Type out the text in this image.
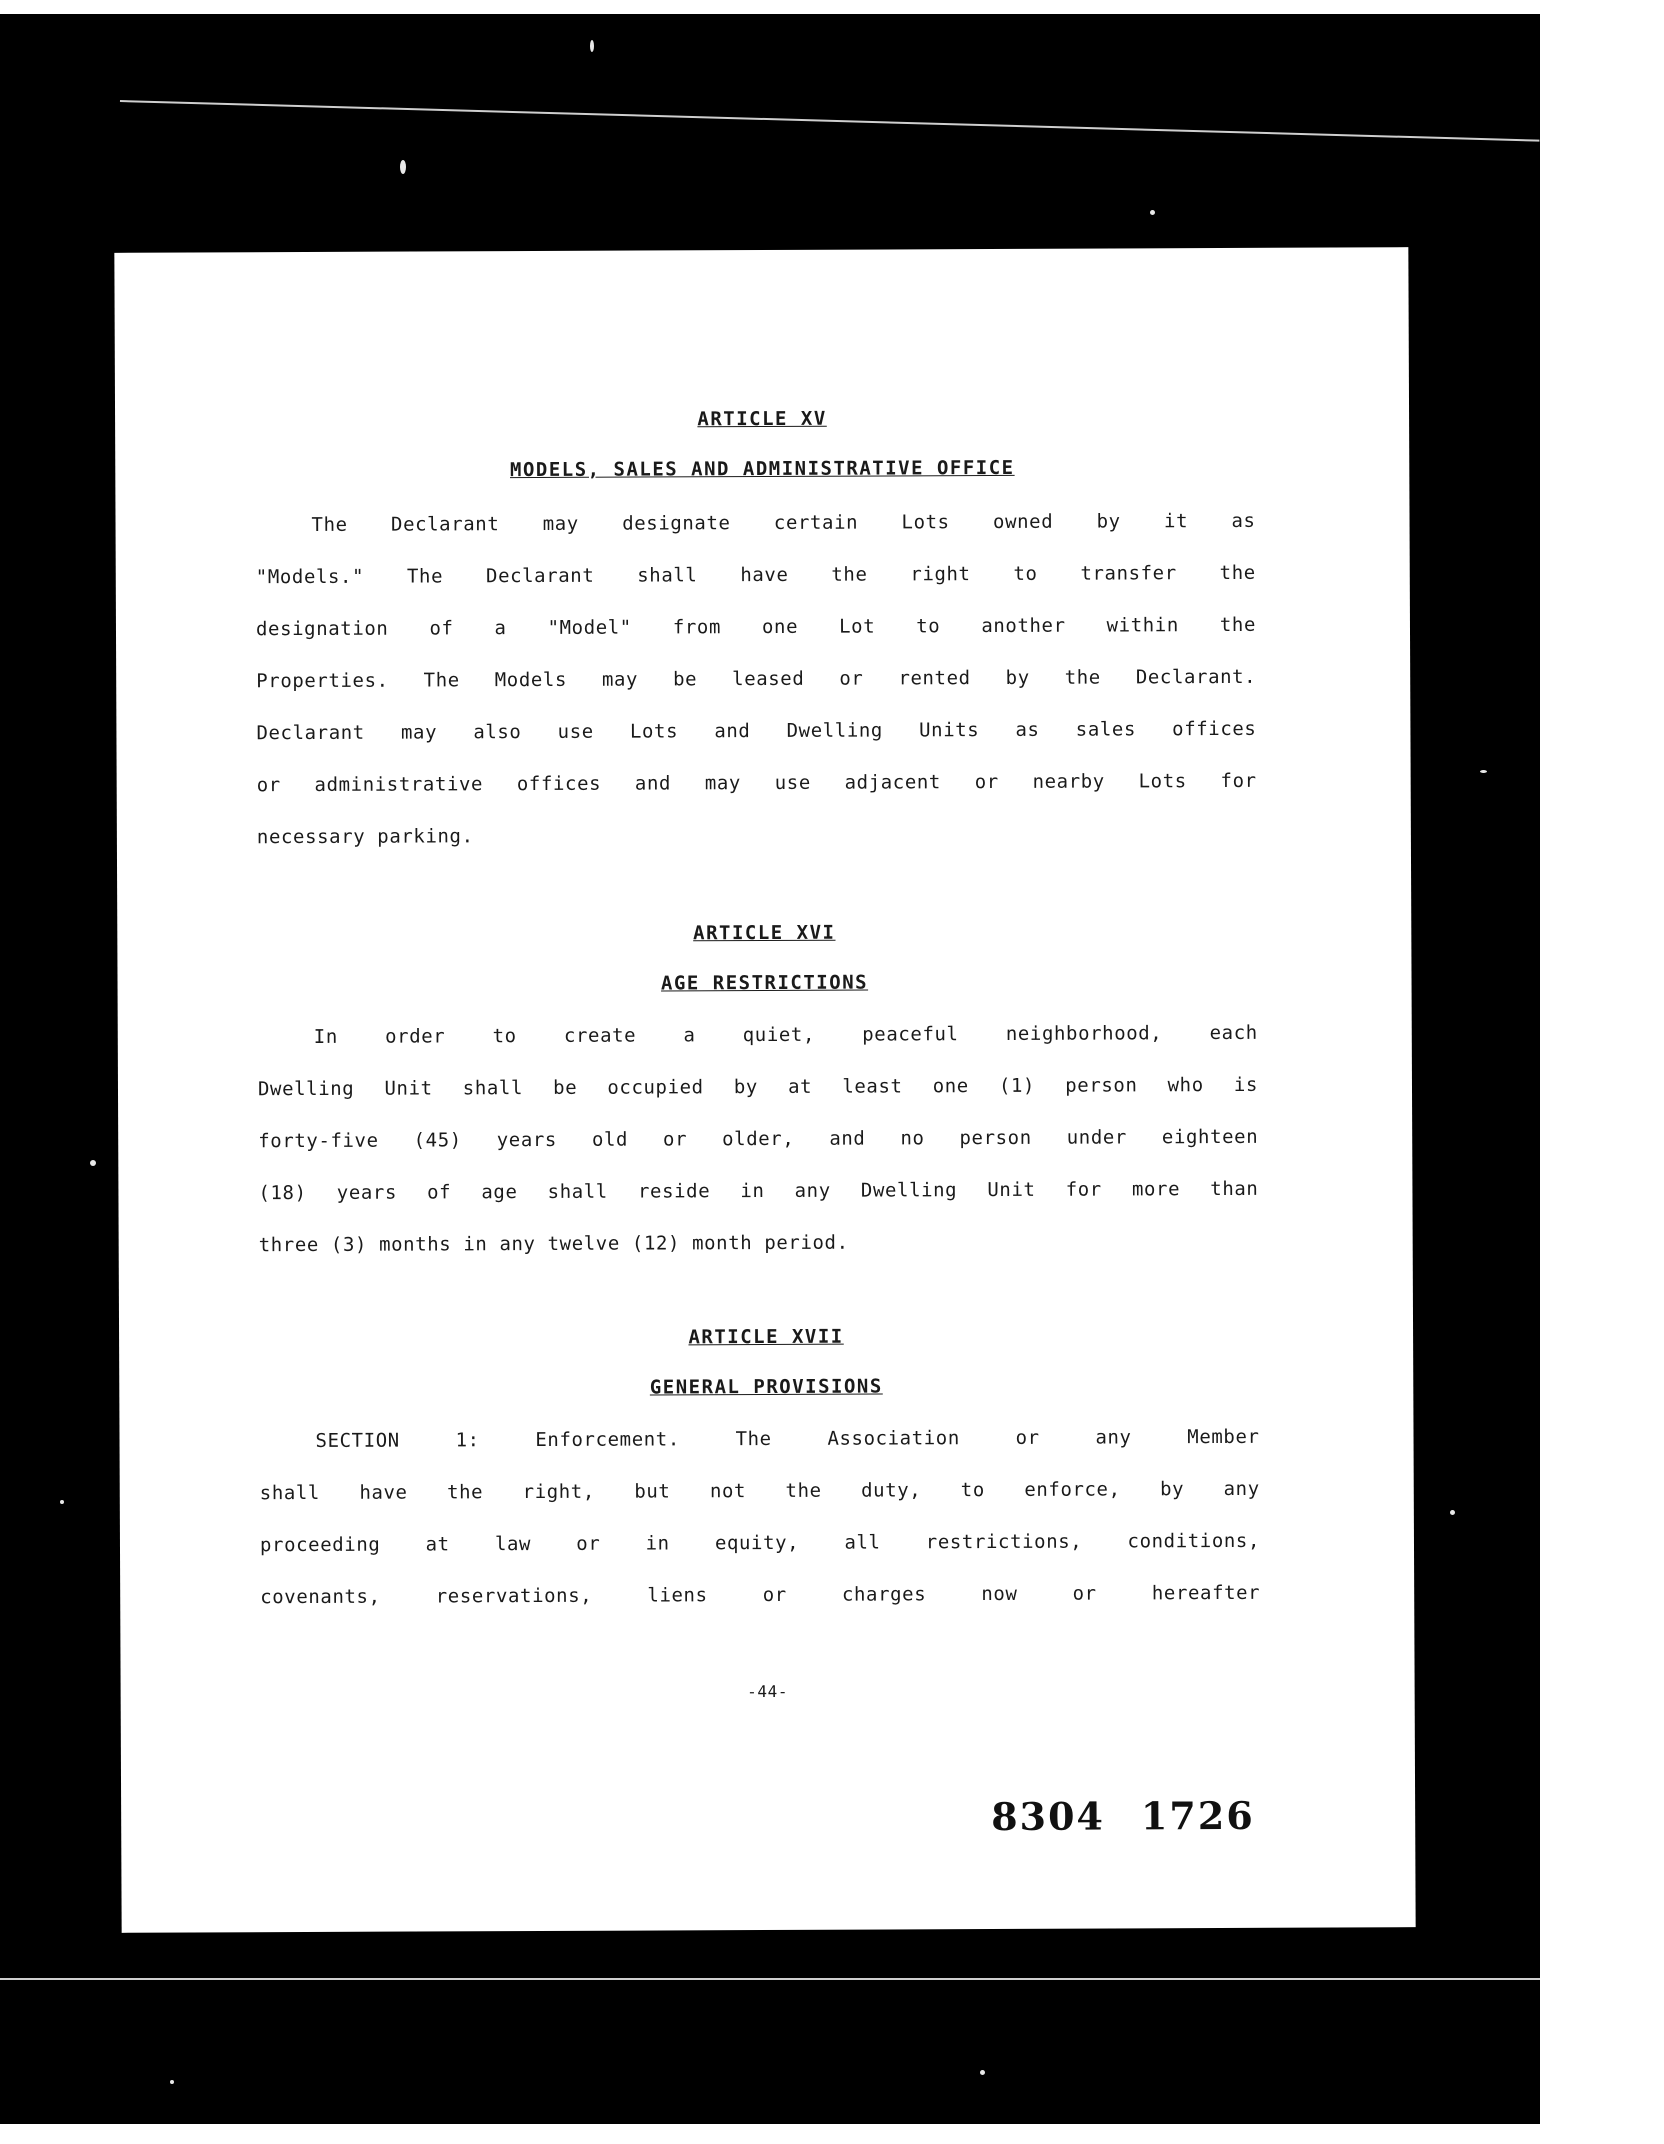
2
ARTICLE XV
MODELS, SALES AND ADMINISTRATIVE OFFICE
The Declarant may designate certain Lots owned by it as
"Models." The Declarant shall have the right to transfer the
designation of a "Model" from one Lot to another within the
Properties. The Models may be leased or rented by the Declarant.
Declarant may also use Lots and Dwelling Units as sales offices
or administrative offices and may use adjacent or nearby Lots for
necessary parking.
ARTICLE XVI
AGE RESTRICTIONS
In order to create a quiet, peaceful neighborhood, each
Dwelling Unit shall be occupied by at least one (1) person who is
forty-five (45) years old or older, and no person under eighteen
(18) years of age shall reside in any Dwelling Unit for more than
three (3) months in any twelve (12) month period.
ARTICLE XVII
GENERAL PROVISIONS
SECTION 1: Enforcement. The Association or any Member
shall have the right, but not the duty, to enforce, by any
proceeding at law or in equity, all restrictions, conditions,
covenants, reservations, liens or charges now or hereafter
-44-
8304 1726
